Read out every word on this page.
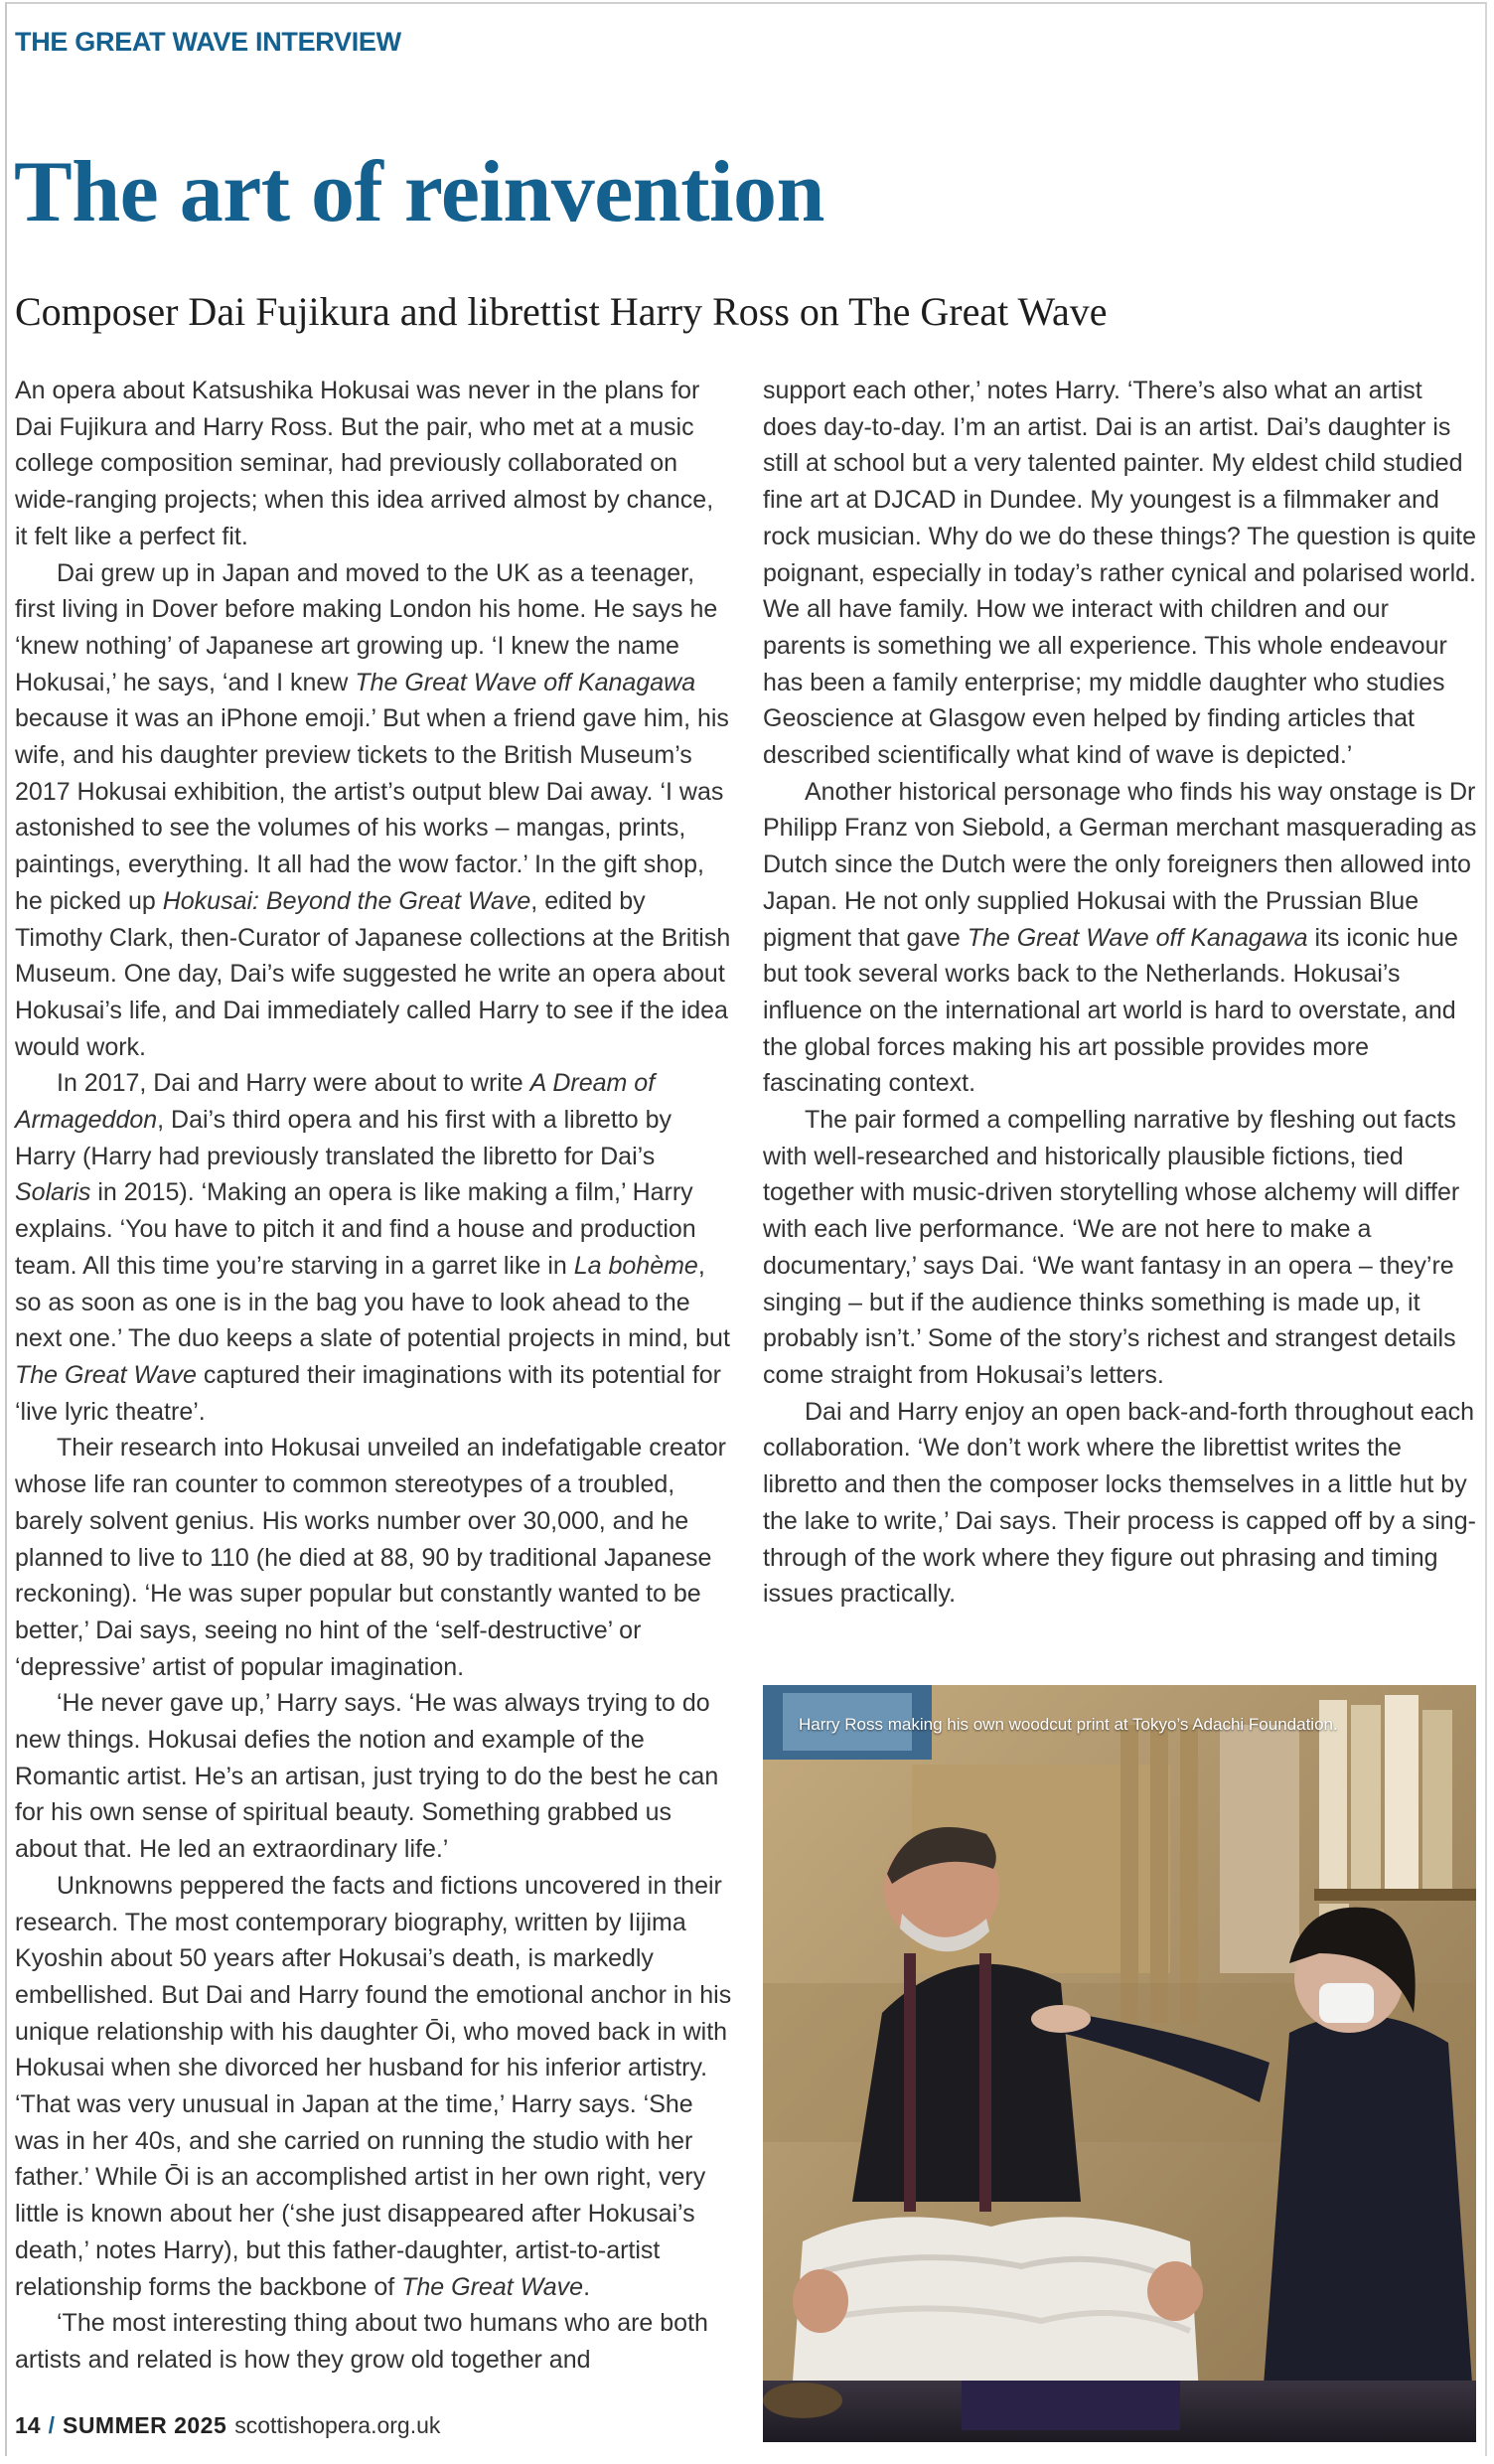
THE GREAT WAVE INTERVIEW
The art of reinvention
Composer Dai Fujikura and librettist Harry Ross on The Great Wave

An opera about Katsushika Hokusai was never in the plans for Dai Fujikura and Harry Ross. But the pair, who met at a music college composition seminar, had previously collaborated on wide-ranging projects; when this idea arrived almost by chance, it felt like a perfect fit.

Dai grew up in Japan and moved to the UK as a teenager, first living in Dover before making London his home. He says he ‘knew nothing’ of Japanese art growing up. ‘I knew the name Hokusai,’ he says, ‘and I knew The Great Wave off Kanagawa because it was an iPhone emoji.’ But when a friend gave him, his wife, and his daughter preview tickets to the British Museum’s 2017 Hokusai exhibition, the artist’s output blew Dai away. ‘I was astonished to see the volumes of his works – mangas, prints, paintings, everything. It all had the wow factor.’ In the gift shop, he picked up Hokusai: Beyond the Great Wave, edited by Timothy Clark, then-Curator of Japanese collections at the British Museum. One day, Dai’s wife suggested he write an opera about Hokusai’s life, and Dai immediately called Harry to see if the idea would work.

In 2017, Dai and Harry were about to write A Dream of Armageddon, Dai’s third opera and his first with a libretto by Harry (Harry had previously translated the libretto for Dai’s Solaris in 2015). ‘Making an opera is like making a film,’ Harry explains. ‘You have to pitch it and find a house and production team. All this time you’re starving in a garret like in La bohème, so as soon as one is in the bag you have to look ahead to the next one.’ The duo keeps a slate of potential projects in mind, but The Great Wave captured their imaginations with its potential for ‘live lyric theatre’.

Their research into Hokusai unveiled an indefatigable creator whose life ran counter to common stereotypes of a troubled, barely solvent genius. His works number over 30,000, and he planned to live to 110 (he died at 88, 90 by traditional Japanese reckoning). ‘He was super popular but constantly wanted to be better,’ Dai says, seeing no hint of the ‘self-destructive’ or ‘depressive’ artist of popular imagination.

‘He never gave up,’ Harry says. ‘He was always trying to do new things. Hokusai defies the notion and example of the Romantic artist. He’s an artisan, just trying to do the best he can for his own sense of spiritual beauty. Something grabbed us about that. He led an extraordinary life.’

Unknowns peppered the facts and fictions uncovered in their research. The most contemporary biography, written by Iijima Kyoshin about 50 years after Hokusai’s death, is markedly embellished. But Dai and Harry found the emotional anchor in his unique relationship with his daughter Ōi, who moved back in with Hokusai when she divorced her husband for his inferior artistry. ‘That was very unusual in Japan at the time,’ Harry says. ‘She was in her 40s, and she carried on running the studio with her father.’ While Ōi is an accomplished artist in her own right, very little is known about her (‘she just disappeared after Hokusai’s death,’ notes Harry), but this father-daughter, artist-to-artist relationship forms the backbone of The Great Wave.

‘The most interesting thing about two humans who are both artists and related is how they grow old together and

support each other,’ notes Harry. ‘There’s also what an artist does day-to-day. I’m an artist. Dai is an artist. Dai’s daughter is still at school but a very talented painter. My eldest child studied fine art at DJCAD in Dundee. My youngest is a filmmaker and rock musician. Why do we do these things? The question is quite poignant, especially in today’s rather cynical and polarised world. We all have family. How we interact with children and our parents is something we all experience. This whole endeavour has been a family enterprise; my middle daughter who studies Geoscience at Glasgow even helped by finding articles that described scientifically what kind of wave is depicted.’

Another historical personage who finds his way onstage is Dr Philipp Franz von Siebold, a German merchant masquerading as Dutch since the Dutch were the only foreigners then allowed into Japan. He not only supplied Hokusai with the Prussian Blue pigment that gave The Great Wave off Kanagawa its iconic hue but took several works back to the Netherlands. Hokusai’s influence on the international art world is hard to overstate, and the global forces making his art possible provides more fascinating context.

The pair formed a compelling narrative by fleshing out facts with well-researched and historically plausible fictions, tied together with music-driven storytelling whose alchemy will differ with each live performance. ‘We are not here to make a documentary,’ says Dai. ‘We want fantasy in an opera – they’re singing – but if the audience thinks something is made up, it probably isn’t.’ Some of the story’s richest and strangest details come straight from Hokusai’s letters.

Dai and Harry enjoy an open back-and-forth throughout each collaboration. ‘We don’t work where the librettist writes the libretto and then the composer locks themselves in a little hut by the lake to write,’ Dai says. Their process is capped off by a sing-through of the work where they figure out phrasing and timing issues practically.

Harry Ross making his own woodcut print at Tokyo’s Adachi Foundation.
14 / SUMMER 2025 scottishopera.org.uk
